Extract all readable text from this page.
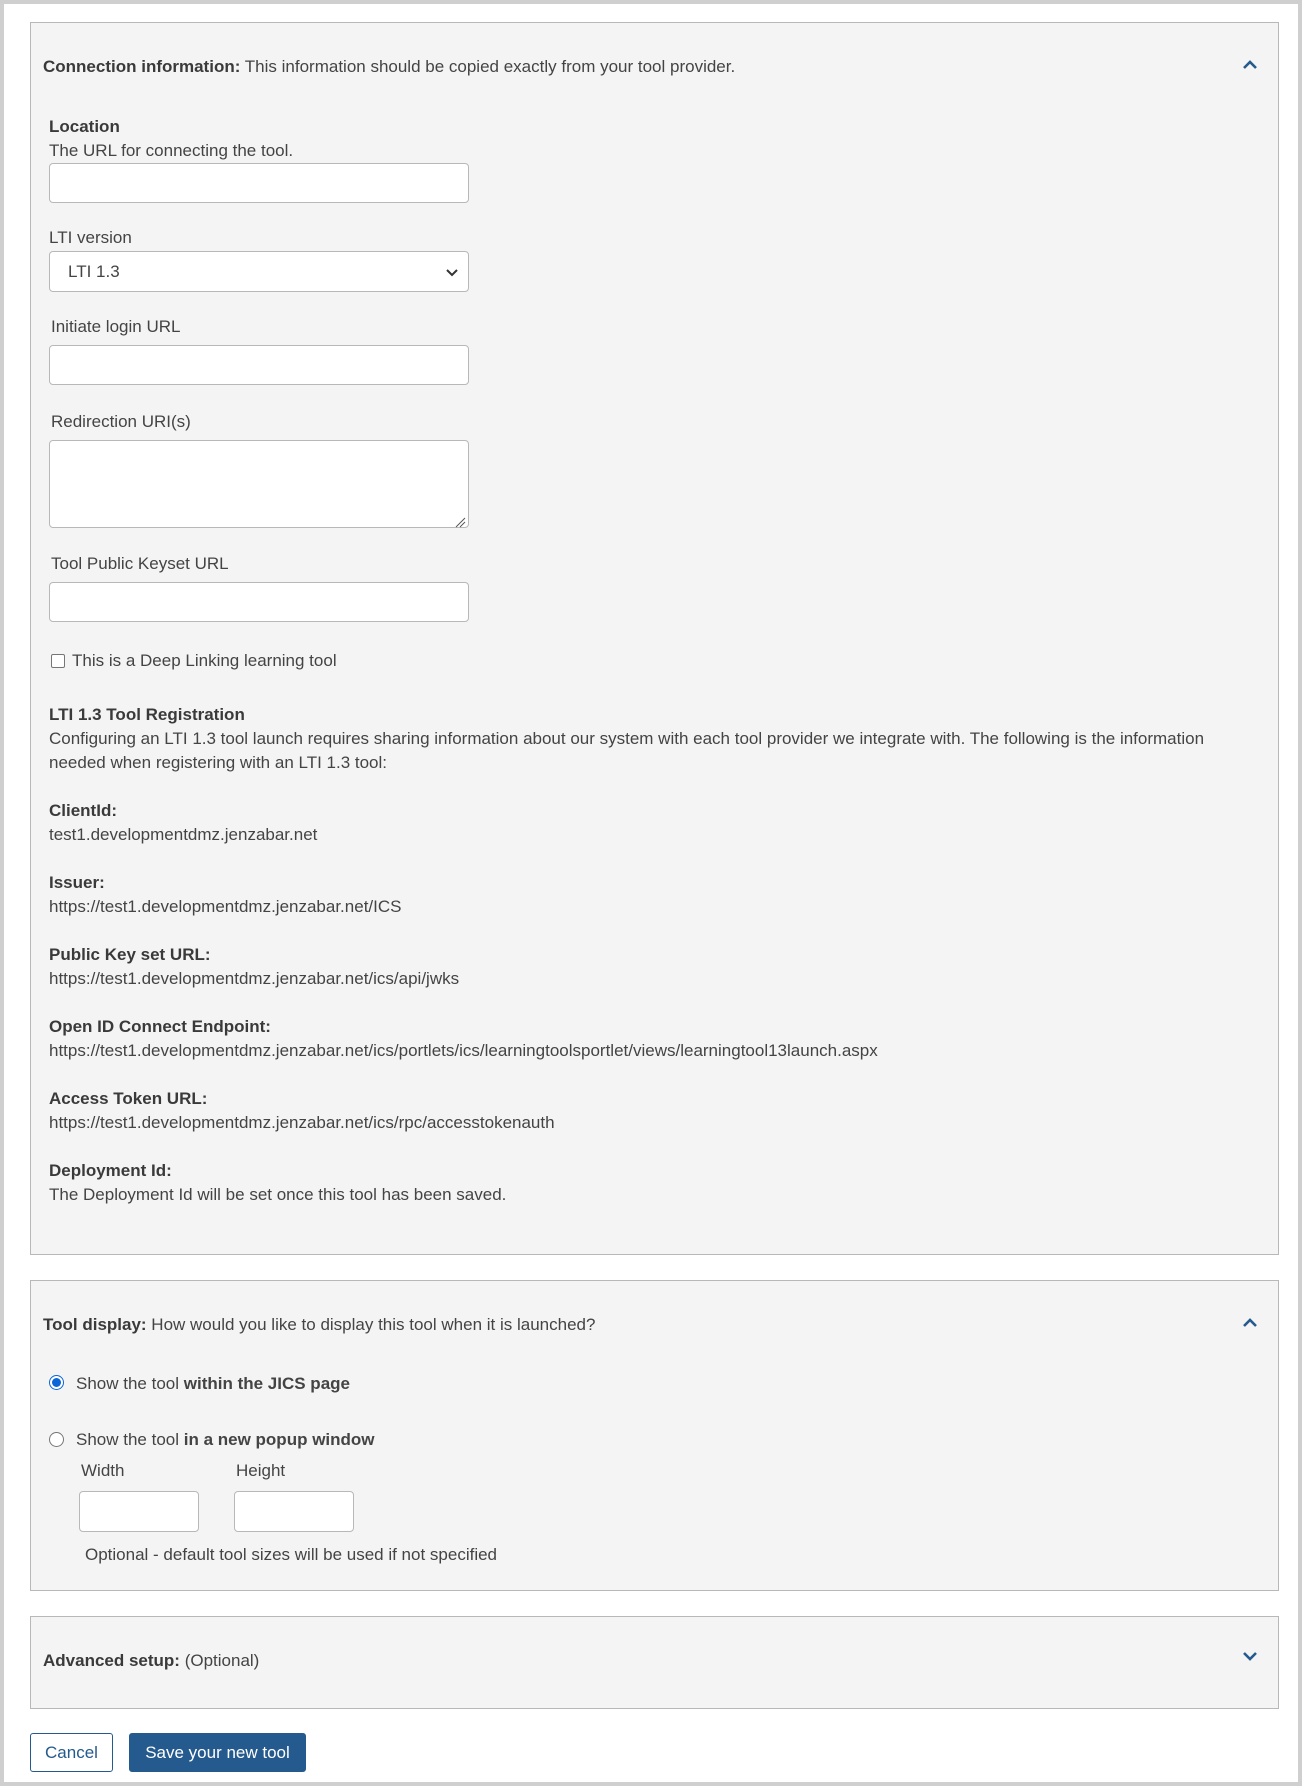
Connection information: This information should be copied exactly from your tool provider.
Location
The URL for connecting the tool.
LTI version
LTI 1.3
Initiate login URL
Redirection URI(s)
Tool Public Keyset URL
This is a Deep Linking learning tool
LTI 1.3 Tool Registration
Configuring an LTI 1.3 tool launch requires sharing information about our system with each tool provider we integrate with. The following is the information needed when registering with an LTI 1.3 tool:
ClientId:
test1.developmentdmz.jenzabar.net
Issuer:
https://test1.developmentdmz.jenzabar.net/ICS
Public Key set URL:
https://test1.developmentdmz.jenzabar.net/ics/api/jwks
Open ID Connect Endpoint:
https://test1.developmentdmz.jenzabar.net/ics/portlets/ics/learningtoolsportlet/views/learningtool13launch.aspx
Access Token URL:
https://test1.developmentdmz.jenzabar.net/ics/rpc/accesstokenauth
Deployment Id:
The Deployment Id will be set once this tool has been saved.
Tool display: How would you like to display this tool when it is launched?
Show the tool within the JICS page
Show the tool in a new popup window
Width	Height
Optional - default tool sizes will be used if not specified
Advanced setup: (Optional)
Cancel	Save your new tool
